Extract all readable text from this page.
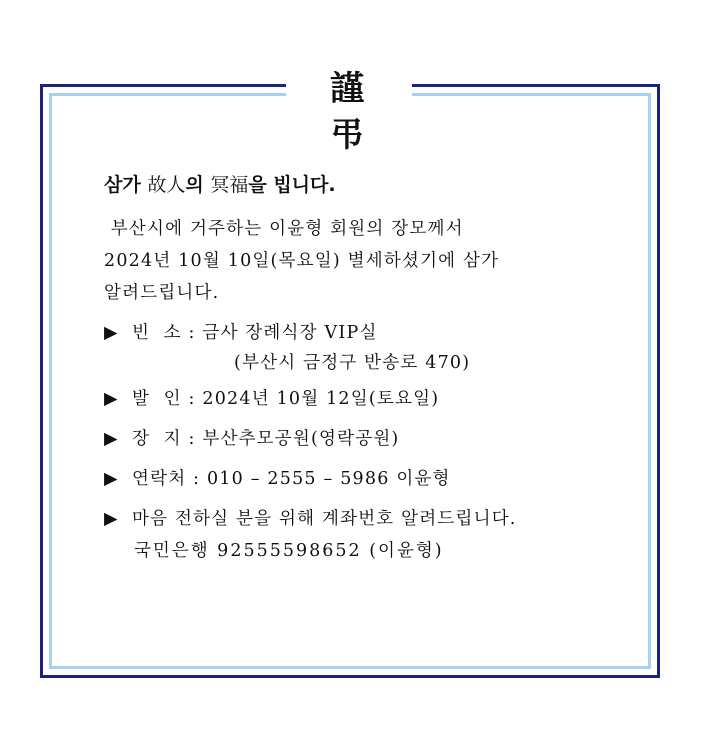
謹 弔
삼가 故人의 冥福을 빕니다.
부산시에 거주하는 이윤형 회원의 장모께서
2024년 10월 10일(목요일) 별세하셨기에 삼가
알려드립니다.
▶ 빈  소 : 금사 장례식장 VIP실
(부산시 금정구 반송로 470)
▶ 발  인 : 2024년 10월 12일(토요일)
▶ 장  지 : 부산추모공원(영락공원)
▶ 연락처 : 010 – 2555 – 5986 이윤형
▶ 마음 전하실 분을 위해 계좌번호 알려드립니다.
국민은행 92555598652 (이윤형)
